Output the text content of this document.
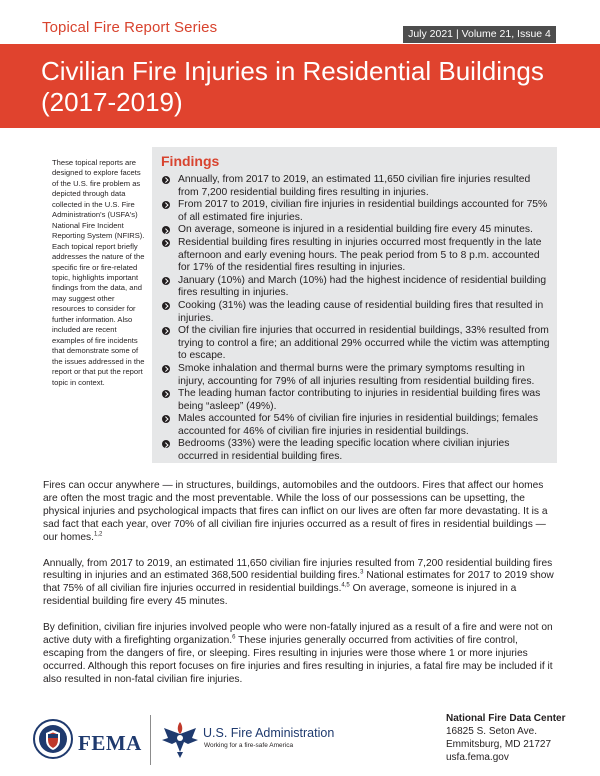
Topical Fire Report Series	July 2021 | Volume 21, Issue 4
Civilian Fire Injuries in Residential Buildings (2017-2019)
These topical reports are designed to explore facets of the U.S. fire problem as depicted through data collected in the U.S. Fire Administration's (USFA's) National Fire Incident Reporting System (NFIRS). Each topical report briefly addresses the nature of the specific fire or fire-related topic, highlights important findings from the data, and may suggest other resources to consider for further information. Also included are recent examples of fire incidents that demonstrate some of the issues addressed in the report or that put the report topic in context.
Findings
Annually, from 2017 to 2019, an estimated 11,650 civilian fire injuries resulted from 7,200 residential building fires resulting in injuries.
From 2017 to 2019, civilian fire injuries in residential buildings accounted for 75% of all estimated fire injuries.
On average, someone is injured in a residential building fire every 45 minutes.
Residential building fires resulting in injuries occurred most frequently in the late afternoon and early evening hours. The peak period from 5 to 8 p.m. accounted for 17% of the residential fires resulting in injuries.
January (10%) and March (10%) had the highest incidence of residential building fires resulting in injuries.
Cooking (31%) was the leading cause of residential building fires that resulted in injuries.
Of the civilian fire injuries that occurred in residential buildings, 33% resulted from trying to control a fire; an additional 29% occurred while the victim was attempting to escape.
Smoke inhalation and thermal burns were the primary symptoms resulting in injury, accounting for 79% of all injuries resulting from residential building fires.
The leading human factor contributing to injuries in residential building fires was being “asleep” (49%).
Males accounted for 54% of civilian fire injuries in residential buildings; females accounted for 46% of civilian fire injuries in residential buildings.
Bedrooms (33%) were the leading specific location where civilian injuries occurred in residential building fires.

Fires can occur anywhere — in structures, buildings, automobiles and the outdoors. Fires that affect our homes are often the most tragic and the most preventable. While the loss of our possessions can be upsetting, the physical injuries and psychological impacts that fires can inflict on our lives are often far more devastating. It is a sad fact that each year, over 70% of all civilian fire injuries occurred as a result of fires in residential buildings — our homes.$^{1,2}$

Annually, from 2017 to 2019, an estimated 11,650 civilian fire injuries resulted from 7,200 residential building fires resulting in injuries and an estimated 368,500 residential building fires.$^3$ National estimates for 2017 to 2019 show that 75% of all civilian fire injuries occurred in residential buildings.$^{4,5}$ On average, someone is injured in a residential building fire every 45 minutes.

By definition, civilian fire injuries involved people who were non-fatally injured as a result of a fire and were not on active duty with a firefighting organization.$^6$ These injuries generally occurred from activities of fire control, escaping from the dangers of fire, or sleeping. Fires resulting in injuries were those where 1 or more injuries occurred. Although this report focuses on fire injuries and fires resulting in injuries, a fatal fire may be included if it also resulted in non-fatal civilian fire injuries.

FEMA	U.S. Fire Administration
Working for a fire-safe America
National Fire Data Center
16825 S. Seton Ave.
Emmitsburg, MD 21727
usfa.fema.gov
